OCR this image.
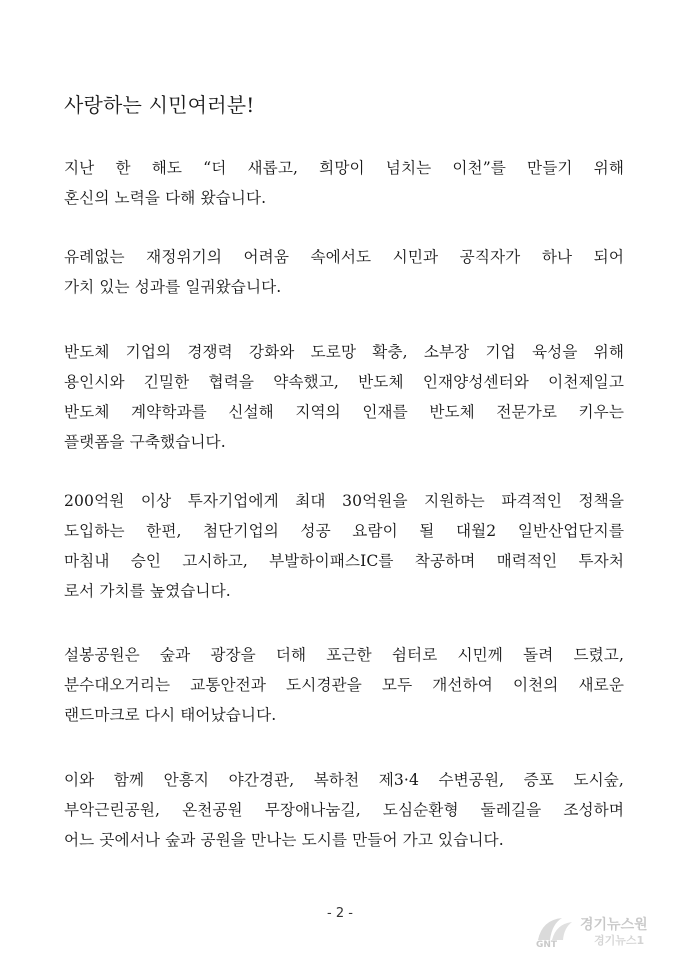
사랑하는 시민여러분!

지난 한 해도 “더 새롭고, 희망이 넘치는 이천”를 만들기 위해
혼신의 노력을 다해 왔습니다.

유례없는 재정위기의 어려움 속에서도 시민과 공직자가 하나 되어
가치 있는 성과를 일궈왔습니다.

반도체 기업의 경쟁력 강화와 도로망 확충, 소부장 기업 육성을 위해
용인시와 긴밀한 협력을 약속했고, 반도체 인재양성센터와 이천제일고
반도체 계약학과를 신설해 지역의 인재를 반도체 전문가로 키우는
플랫폼을 구축했습니다.

200억원 이상 투자기업에게 최대 30억원을 지원하는 파격적인 정책을
도입하는 한편, 첨단기업의 성공 요람이 될 대월2 일반산업단지를
마침내 승인 고시하고, 부발하이패스IC를 착공하며 매력적인 투자처
로서 가치를 높였습니다.

설봉공원은 숲과 광장을 더해 포근한 쉼터로 시민께 돌려 드렸고,
분수대오거리는 교통안전과 도시경관을 모두 개선하여 이천의 새로운
랜드마크로 다시 태어났습니다.

이와 함께 안흥지 야간경관, 복하천 제3·4 수변공원, 증포 도시숲,
부악근린공원, 온천공원 무장애나눔길, 도심순환형 둘레길을 조성하며
어느 곳에서나 숲과 공원을 만나는 도시를 만들어 가고 있습니다.

- 2 -
GNT
경기뉴스원
경기뉴스1
